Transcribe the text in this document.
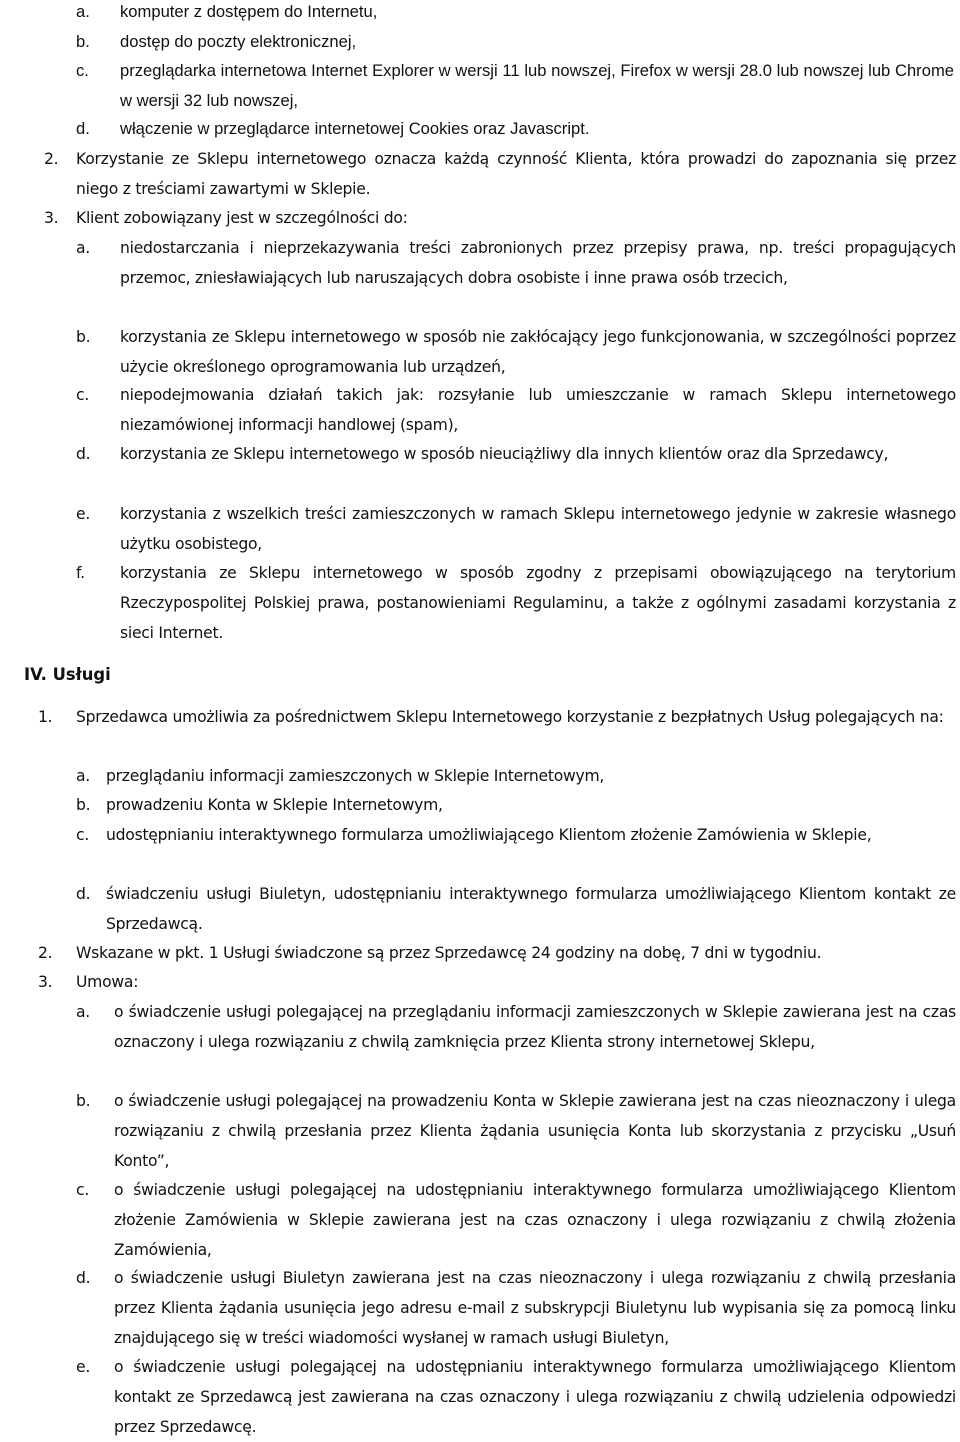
a.	komputer z dostępem do Internetu,
b.	dostęp do poczty elektronicznej,
c.	przeglądarka internetowa Internet Explorer w wersji 11 lub nowszej, Firefox w wersji 28.0 lub nowszej lub Chrome w wersji 32 lub nowszej,
d.	włączenie w przeglądarce internetowej Cookies oraz Javascript.
2.	Korzystanie ze Sklepu internetowego oznacza każdą czynność Klienta, która prowadzi do zapoznania się przez niego z treściami zawartymi w Sklepie.
3.	Klient zobowiązany jest w szczególności do:
a.	niedostarczania i nieprzekazywania treści zabronionych przez przepisy prawa, np. treści propagujących przemoc, zniesławiających lub naruszających dobra osobiste i inne prawa osób trzecich,
b.	korzystania ze Sklepu internetowego w sposób nie zakłócający jego funkcjonowania, w szczególności poprzez użycie określonego oprogramowania lub urządzeń,
c.	niepodejmowania działań takich jak: rozsyłanie lub umieszczanie w ramach Sklepu internetowego niezamówionej informacji handlowej (spam),
d.	korzystania ze Sklepu internetowego w sposób nieuciążliwy dla innych klientów oraz dla Sprzedawcy,
e.	korzystania z wszelkich treści zamieszczonych w ramach Sklepu internetowego jedynie w zakresie własnego użytku osobistego,
f.	korzystania ze Sklepu internetowego w sposób zgodny z przepisami obowiązującego na terytorium Rzeczypospolitej Polskiej prawa, postanowieniami Regulaminu, a także z ogólnymi zasadami korzystania z sieci Internet.
IV. Usługi
1.	Sprzedawca umożliwia za pośrednictwem Sklepu Internetowego korzystanie z bezpłatnych Usług polegających na:
a.	przeglądaniu informacji zamieszczonych w Sklepie Internetowym,
b.	prowadzeniu Konta w Sklepie Internetowym,
c.	udostępnianiu interaktywnego formularza umożliwiającego Klientom złożenie Zamówienia w Sklepie,
d.	świadczeniu usługi Biuletyn, udostępnianiu interaktywnego formularza umożliwiającego Klientom kontakt ze Sprzedawcą.
2.	Wskazane w pkt. 1 Usługi świadczone są przez Sprzedawcę 24 godziny na dobę, 7 dni w tygodniu.
3.	Umowa:
a.	o świadczenie usługi polegającej na przeglądaniu informacji zamieszczonych w Sklepie zawierana jest na czas oznaczony i ulega rozwiązaniu z chwilą zamknięcia przez Klienta strony internetowej Sklepu,
b.	o świadczenie usługi polegającej na prowadzeniu Konta w Sklepie zawierana jest na czas nieoznaczony i ulega rozwiązaniu z chwilą przesłania przez Klienta żądania usunięcia Konta lub skorzystania z przycisku „Usuń Konto”,
c.	o świadczenie usługi polegającej na udostępnianiu interaktywnego formularza umożliwiającego Klientom złożenie Zamówienia w Sklepie zawierana jest na czas oznaczony i ulega rozwiązaniu z chwilą złożenia Zamówienia,
d.	o świadczenie usługi Biuletyn zawierana jest na czas nieoznaczony i ulega rozwiązaniu z chwilą przesłania przez Klienta żądania usunięcia jego adresu e-mail z subskrypcji Biuletynu lub wypisania się za pomocą linku znajdującego się w treści wiadomości wysłanej w ramach usługi Biuletyn,
e.	o świadczenie usługi polegającej na udostępnianiu interaktywnego formularza umożliwiającego Klientom kontakt ze Sprzedawcą jest zawierana na czas oznaczony i ulega rozwiązaniu z chwilą udzielenia odpowiedzi przez Sprzedawcę.
